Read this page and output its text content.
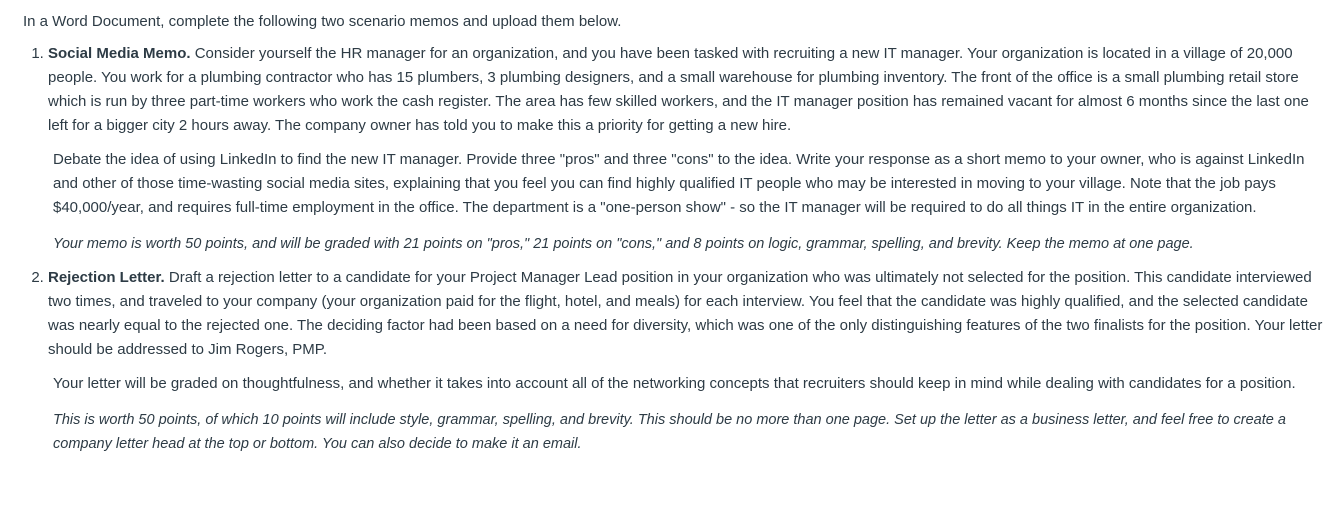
In a Word Document, complete the following two scenario memos and upload them below.

1. Social Media Memo. Consider yourself the HR manager for an organization, and you have been tasked with recruiting a new IT manager. Your organization is located in a village of 20,000 people. You work for a plumbing contractor who has 15 plumbers, 3 plumbing designers, and a small warehouse for plumbing inventory. The front of the office is a small plumbing retail store which is run by three part-time workers who work the cash register. The area has few skilled workers, and the IT manager position has remained vacant for almost 6 months since the last one left for a bigger city 2 hours away. The company owner has told you to make this a priority for getting a new hire.

Debate the idea of using LinkedIn to find the new IT manager. Provide three "pros" and three "cons" to the idea. Write your response as a short memo to your owner, who is against LinkedIn and other of those time-wasting social media sites, explaining that you feel you can find highly qualified IT people who may be interested in moving to your village. Note that the job pays $40,000/year, and requires full-time employment in the office. The department is a "one-person show" - so the IT manager will be required to do all things IT in the entire organization.

Your memo is worth 50 points, and will be graded with 21 points on "pros," 21 points on "cons," and 8 points on logic, grammar, spelling, and brevity. Keep the memo at one page.

2. Rejection Letter. Draft a rejection letter to a candidate for your Project Manager Lead position in your organization who was ultimately not selected for the position. This candidate interviewed two times, and traveled to your company (your organization paid for the flight, hotel, and meals) for each interview. You feel that the candidate was highly qualified, and the selected candidate was nearly equal to the rejected one. The deciding factor had been based on a need for diversity, which was one of the only distinguishing features of the two finalists for the position. Your letter should be addressed to Jim Rogers, PMP.

Your letter will be graded on thoughtfulness, and whether it takes into account all of the networking concepts that recruiters should keep in mind while dealing with candidates for a position.

This is worth 50 points, of which 10 points will include style, grammar, spelling, and brevity. This should be no more than one page. Set up the letter as a business letter, and feel free to create a company letter head at the top or bottom. You can also decide to make it an email.
